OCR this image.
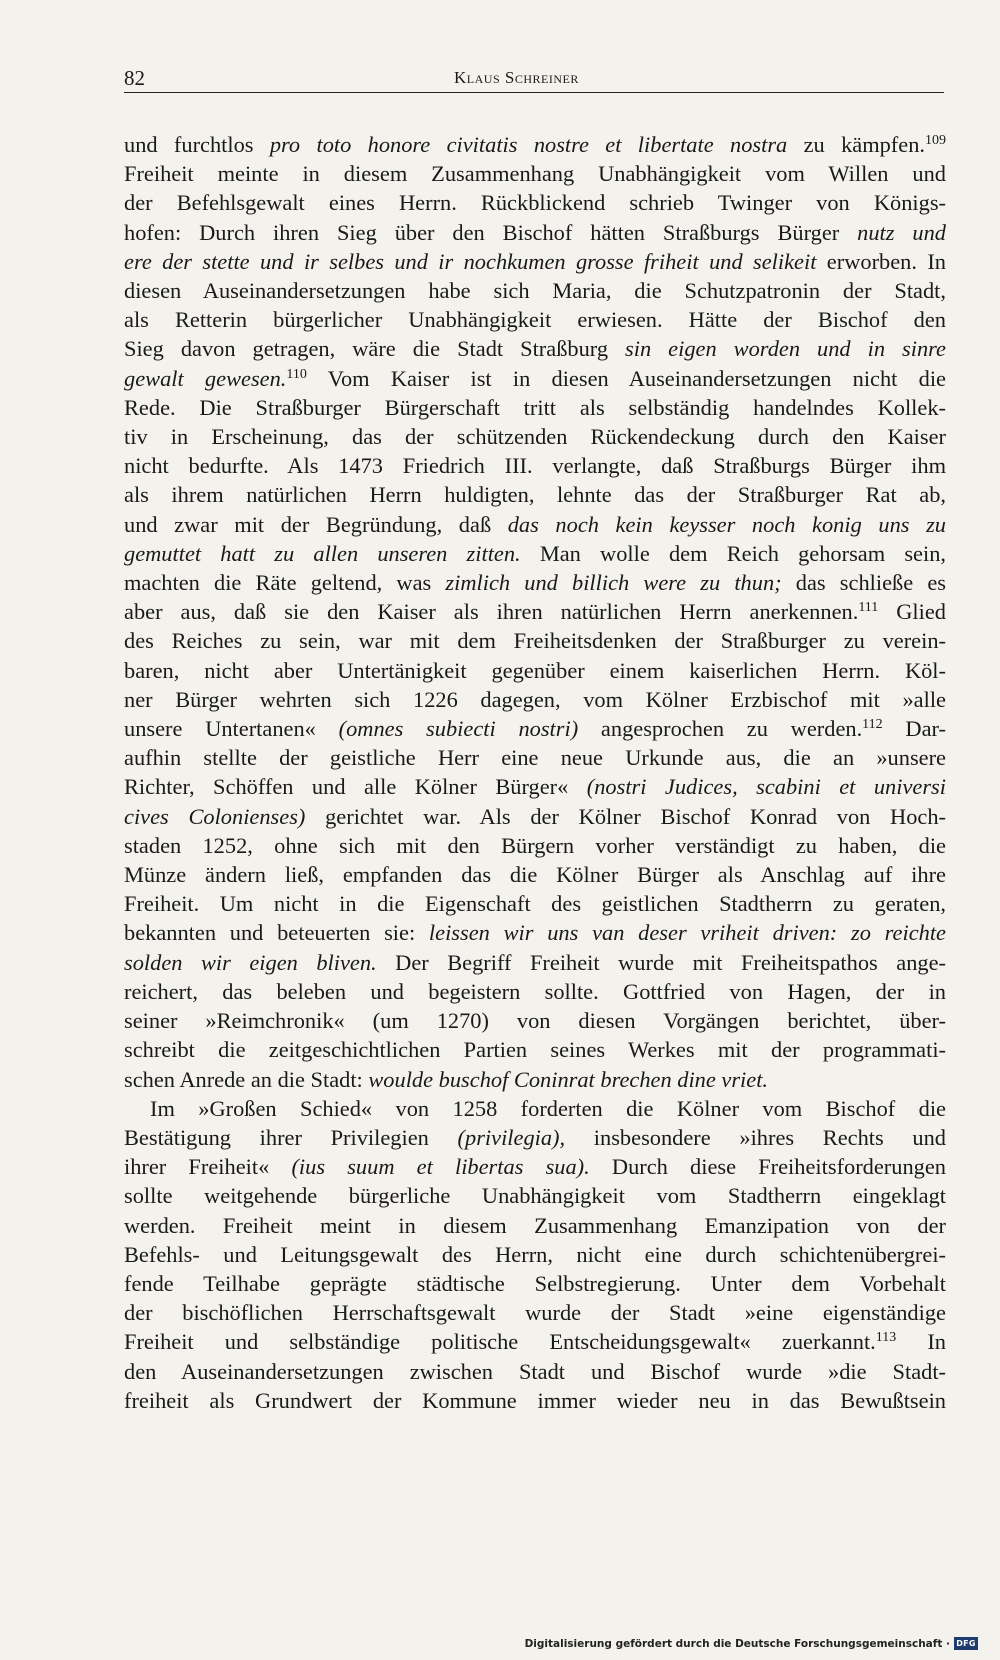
82	Klaus Schreiner
und furchtlos pro toto honore civitatis nostre et libertate nostra zu kämpfen.$^{109}$
Freiheit meinte in diesem Zusammenhang Unabhängigkeit vom Willen und
der Befehlsgewalt eines Herrn. Rückblickend schrieb Twinger von Königs-
hofen: Durch ihren Sieg über den Bischof hätten Straßburgs Bürger nutz und
ere der stette und ir selbes und ir nochkumen grosse friheit und selikeit erworben. In
diesen Auseinandersetzungen habe sich Maria, die Schutzpatronin der Stadt,
als Retterin bürgerlicher Unabhängigkeit erwiesen. Hätte der Bischof den
Sieg davon getragen, wäre die Stadt Straßburg sin eigen worden und in sinre
gewalt gewesen.$^{110}$ Vom Kaiser ist in diesen Auseinandersetzungen nicht die
Rede. Die Straßburger Bürgerschaft tritt als selbständig handelndes Kollek-
tiv in Erscheinung, das der schützenden Rückendeckung durch den Kaiser
nicht bedurfte. Als 1473 Friedrich III. verlangte, daß Straßburgs Bürger ihm
als ihrem natürlichen Herrn huldigten, lehnte das der Straßburger Rat ab,
und zwar mit der Begründung, daß das noch kein keysser noch konig uns zu
gemuttet hatt zu allen unseren zitten. Man wolle dem Reich gehorsam sein,
machten die Räte geltend, was zimlich und billich were zu thun; das schließe es
aber aus, daß sie den Kaiser als ihren natürlichen Herrn anerkennen.$^{111}$ Glied
des Reiches zu sein, war mit dem Freiheitsdenken der Straßburger zu verein-
baren, nicht aber Untertänigkeit gegenüber einem kaiserlichen Herrn. Köl-
ner Bürger wehrten sich 1226 dagegen, vom Kölner Erzbischof mit »alle
unsere Untertanen« (omnes subiecti nostri) angesprochen zu werden.$^{112}$ Dar-
aufhin stellte der geistliche Herr eine neue Urkunde aus, die an »unsere
Richter, Schöffen und alle Kölner Bürger« (nostri Judices, scabini et universi
cives Colonienses) gerichtet war. Als der Kölner Bischof Konrad von Hoch-
staden 1252, ohne sich mit den Bürgern vorher verständigt zu haben, die
Münze ändern ließ, empfanden das die Kölner Bürger als Anschlag auf ihre
Freiheit. Um nicht in die Eigenschaft des geistlichen Stadtherrn zu geraten,
bekannten und beteuerten sie: leissen wir uns van deser vriheit driven: zo reichte
solden wir eigen bliven. Der Begriff Freiheit wurde mit Freiheitspathos ange-
reichert, das beleben und begeistern sollte. Gottfried von Hagen, der in
seiner »Reimchronik« (um 1270) von diesen Vorgängen berichtet, über-
schreibt die zeitgeschichtlichen Partien seines Werkes mit der programmati-
schen Anrede an die Stadt: woulde buschof Coninrat brechen dine vriet.
Im »Großen Schied« von 1258 forderten die Kölner vom Bischof die
Bestätigung ihrer Privilegien (privilegia), insbesondere »ihres Rechts und
ihrer Freiheit« (ius suum et libertas sua). Durch diese Freiheitsforderungen
sollte weitgehende bürgerliche Unabhängigkeit vom Stadtherrn eingeklagt
werden. Freiheit meint in diesem Zusammenhang Emanzipation von der
Befehls- und Leitungsgewalt des Herrn, nicht eine durch schichtenübergrei-
fende Teilhabe geprägte städtische Selbstregierung. Unter dem Vorbehalt
der bischöflichen Herrschaftsgewalt wurde der Stadt »eine eigenständige
Freiheit und selbständige politische Entscheidungsgewalt« zuerkannt.$^{113}$ In
den Auseinandersetzungen zwischen Stadt und Bischof wurde »die Stadt-
freiheit als Grundwert der Kommune immer wieder neu in das Bewußtsein
Digitalisierung gefördert durch die Deutsche Forschungsgemeinschaft · DFG
